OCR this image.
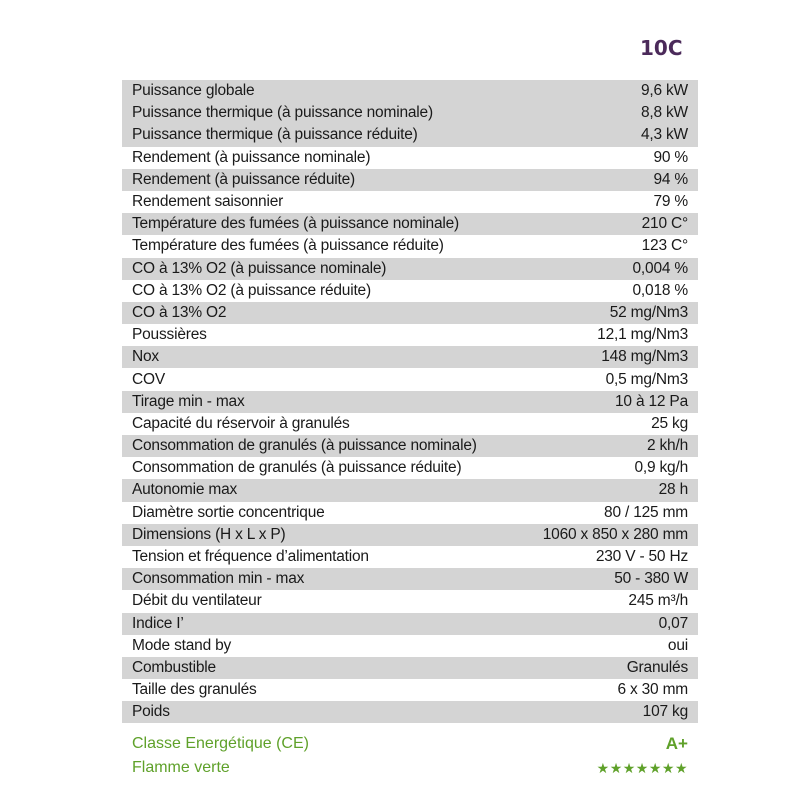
10C
Puissance globale	9,6 kW
Puissance thermique (à puissance nominale)	8,8 kW
Puissance thermique (à puissance réduite)	4,3 kW
Rendement (à puissance nominale)	90 %
Rendement (à puissance réduite)	94 %
Rendement saisonnier	79 %
Température des fumées (à puissance nominale)	210 C°
Température des fumées (à puissance réduite)	123 C°
CO à 13% O2 (à puissance nominale)	0,004 %
CO à 13% O2 (à puissance réduite)	0,018 %
CO à 13% O2	52 mg/Nm3
Poussières	12,1 mg/Nm3
Nox	148 mg/Nm3
COV	0,5 mg/Nm3
Tirage min - max	10 à 12 Pa
Capacité du réservoir à granulés	25 kg
Consommation de granulés (à puissance nominale)	2 kh/h
Consommation de granulés (à puissance réduite)	0,9 kg/h
Autonomie max	28 h
Diamètre sortie concentrique	80 / 125 mm
Dimensions (H x L x P)	1060 x 850 x 280 mm
Tension et fréquence d’alimentation	230 V - 50 Hz
Consommation min - max	50 - 380 W
Débit du ventilateur	245 m³/h
Indice I’	0,07
Mode stand by	oui
Combustible	Granulés
Taille des granulés	6 x 30 mm
Poids	107 kg
Classe Energétique (CE)	A+
Flamme verte	★★★★★★★
